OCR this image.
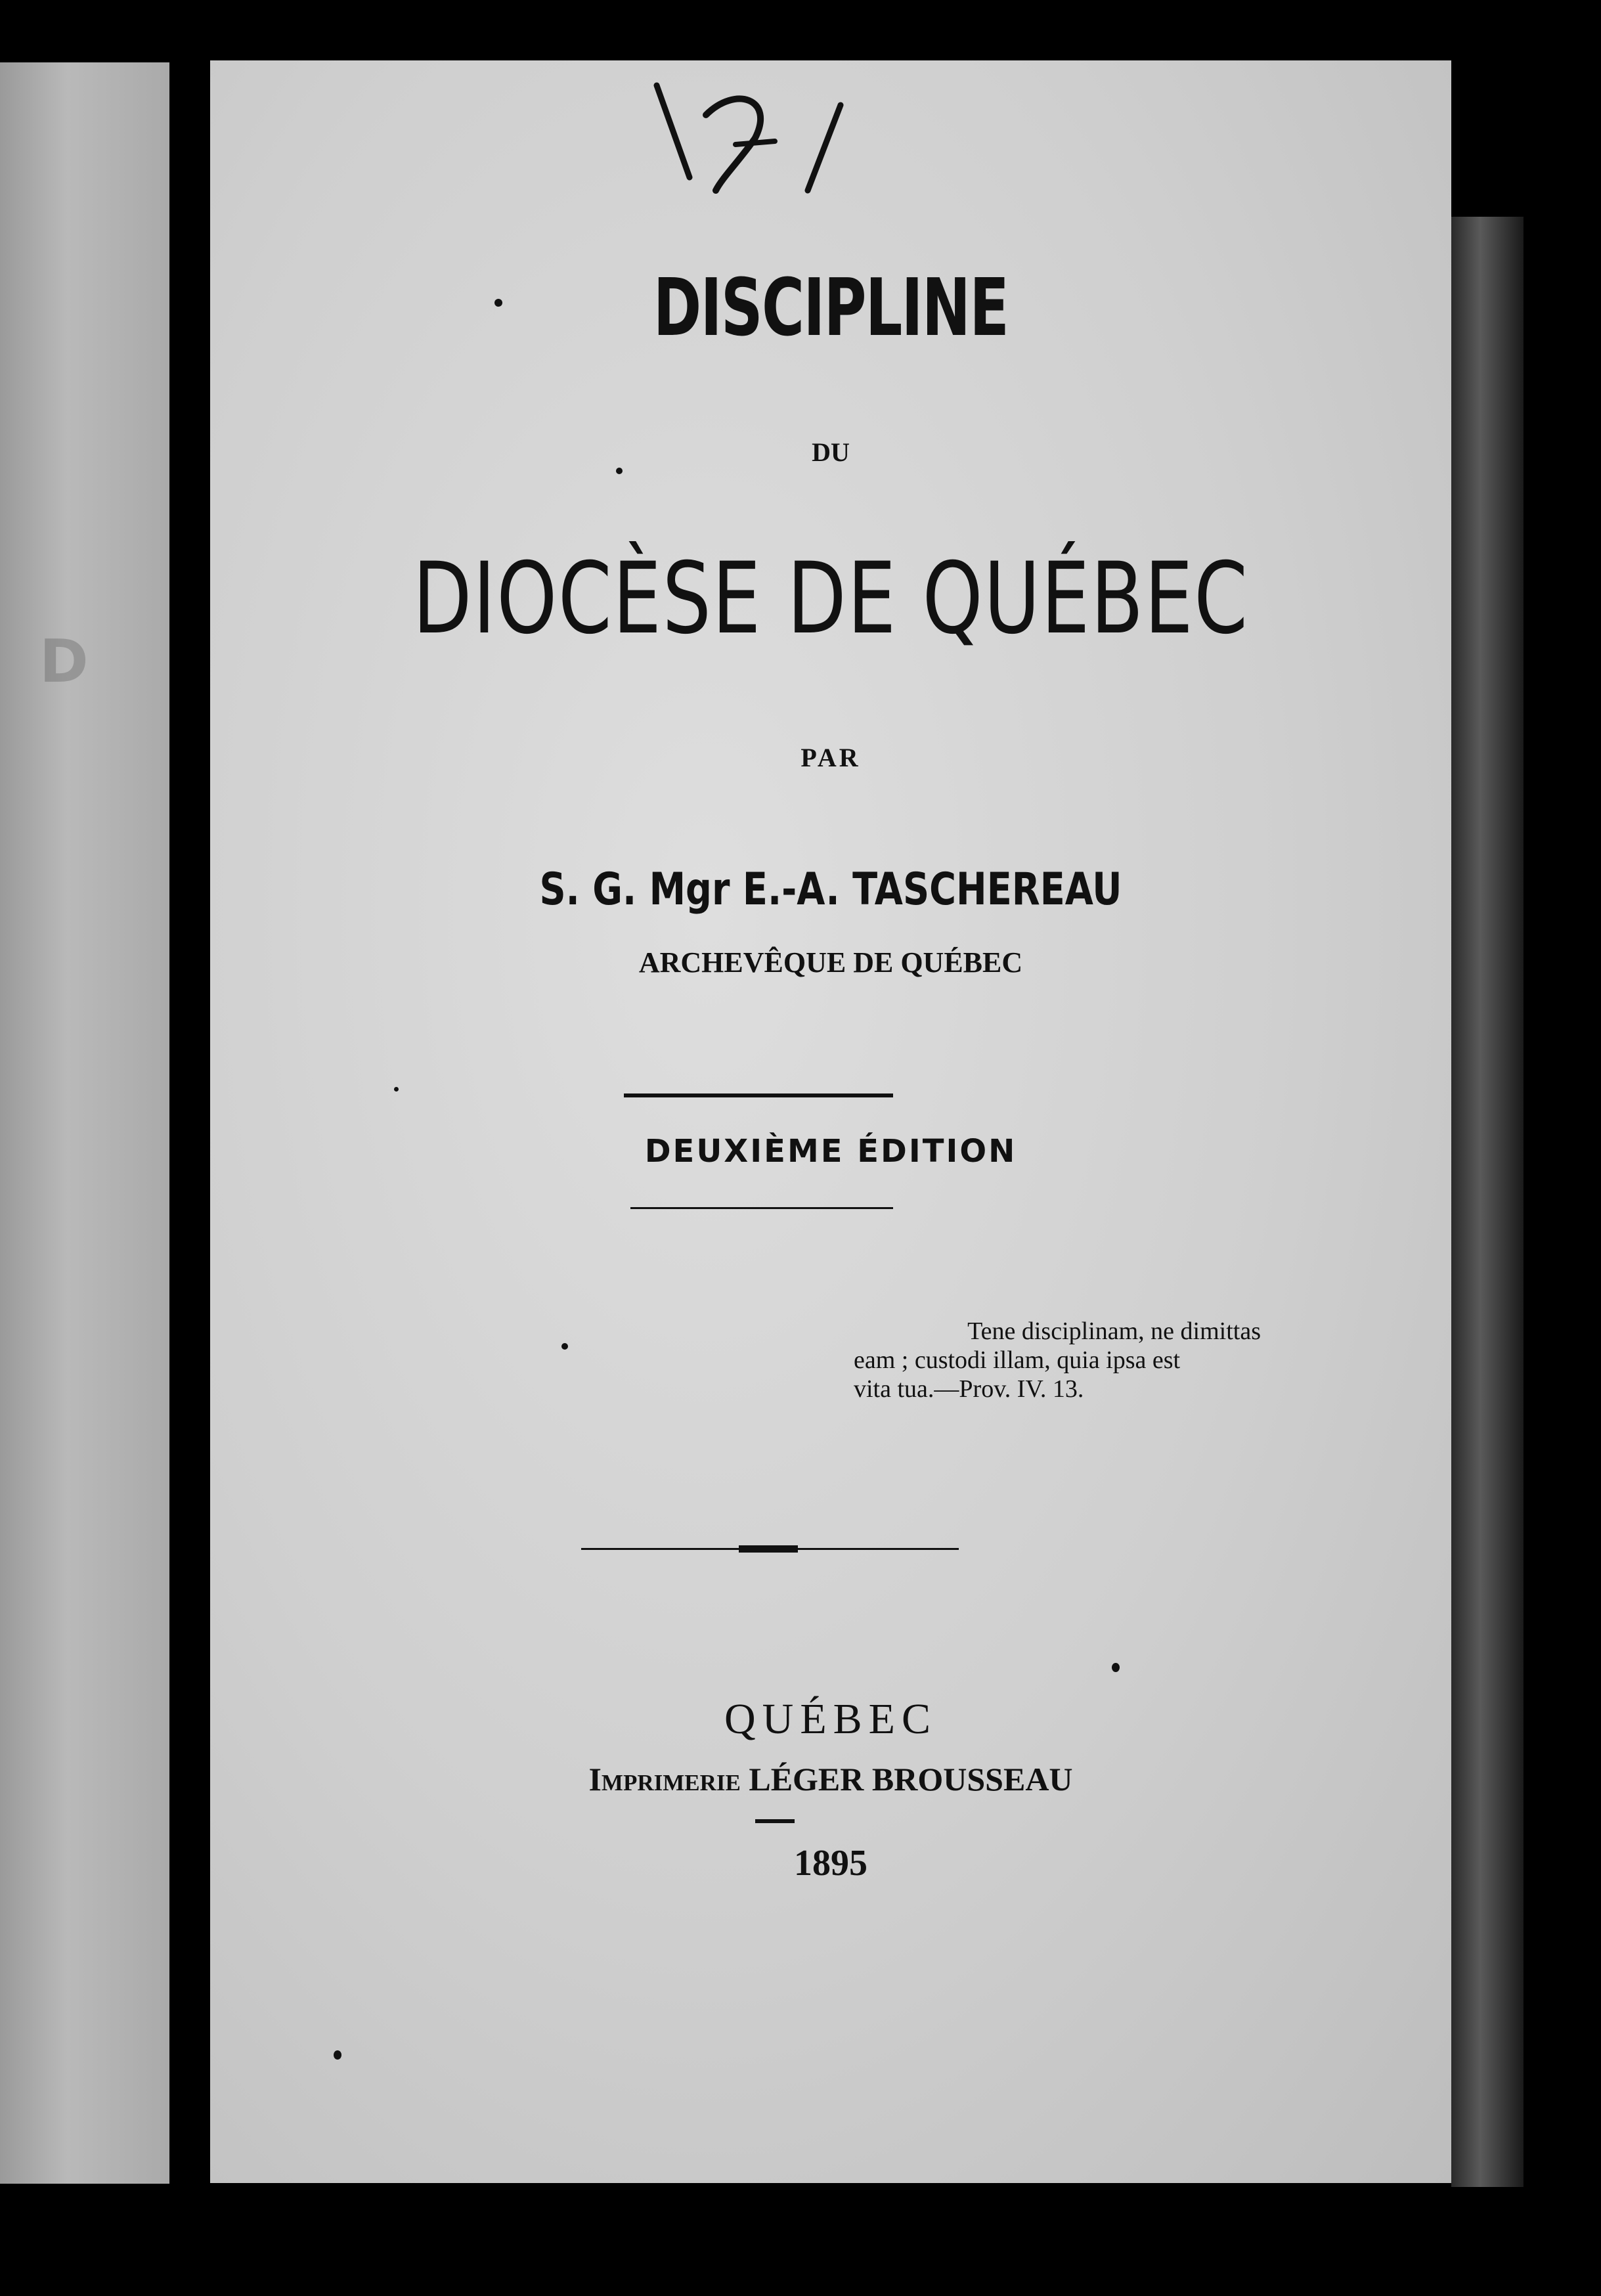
D
DISCIPLINE
DU
DIOCÈSE DE QUÉBEC
PAR
S. G. Mgr E.-A. TASCHEREAU
ARCHEVÊQUE DE QUÉBEC
DEUXIÈME ÉDITION
Tene disciplinam, ne dimittas
eam ; custodi illam, quia ipsa est
vita tua.—Prov. IV. 13.
QUÉBEC
Imprimerie LÉGER BROUSSEAU
1895
